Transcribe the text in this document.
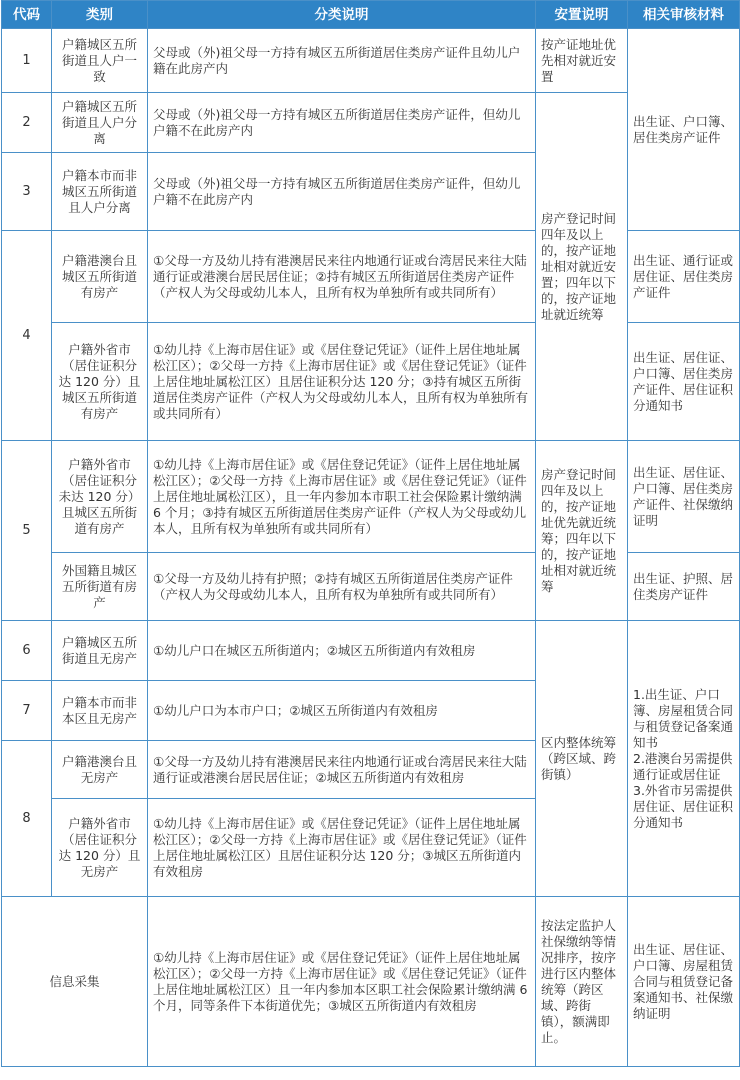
代码	类别	分类说明	安置说明	相关审核材料
1	户籍城区五所街道且人户一致	父母或（外)祖父母一方持有城区五所街道居住类房产证件且幼儿户籍在此房产内	按产证地址优先相对就近安置	出生证、户口簿、居住类房产证件
2	户籍城区五所街道且人户分离	父母或（外)祖父母一方持有城区五所街道居住类房产证件，但幼儿户籍不在此房产内	房产登记时间四年及以上的，按产证地址相对就近安置；四年以下的，按产证地址就近统筹	
3	户籍本市而非城区五所街道且人户分离	父母或（外)祖父母一方持有城区五所街道居住类房产证件，但幼儿户籍不在此房产内		
4	户籍港澳台且城区五所街道有房产	①父母一方及幼儿持有港澳居民来往内地通行证或台湾居民来往大陆通行证或港澳台居民居住证；②持有城区五所街道居住类房产证件（产权人为父母或幼儿本人，且所有权为单独所有或共同所有）		出生证、通行证或居住证、居住类房产证件
	户籍外省市（居住证积分达 120 分）且城区五所街道有房产	①幼儿持《上海市居住证》或《居住登记凭证》（证件上居住地址属松江区）；②父母一方持《上海市居住证》或《居住登记凭证》（证件上居住地址属松江区）且居住证积分达 120 分；③持有城区五所街道居住类房产证件（产权人为父母或幼儿本人，且所有权为单独所有或共同所有）		出生证、居住证、户口簿、居住类房产证件、居住证积分通知书
5	户籍外省市（居住证积分未达 120 分）且城区五所街道有房产	①幼儿持《上海市居住证》或《居住登记凭证》（证件上居住地址属松江区）；②父母一方持《上海市居住证》或《居住登记凭证》（证件上居住地址属松江区），且一年内参加本市职工社会保险累计缴纳满 6 个月；③持有城区五所街道居住类房产证件（产权人为父母或幼儿本人，且所有权为单独所有或共同所有）	房产登记时间四年及以上的，按产证地址优先就近统筹；四年以下的，按产证地址相对就近统筹	出生证、居住证、户口簿、居住类房产证件、社保缴纳证明
	外国籍且城区五所街道有房产	①父母一方及幼儿持有护照；②持有城区五所街道居住类房产证件（产权人为父母或幼儿本人，且所有权为单独所有或共同所有）		出生证、护照、居住类房产证件
6	户籍城区五所街道且无房产	①幼儿户口在城区五所街道内；②城区五所街道内有效租房	区内整体统筹（跨区域、跨街镇）	1.出生证、户口簿、房屋租赁合同与租赁登记备案通知书
2.港澳台另需提供通行证或居住证
3.外省市另需提供居住证、居住证积分通知书
7	户籍本市而非本区且无房产	①幼儿户口为本市户口；②城区五所街道内有效租房		
8	户籍港澳台且无房产	①父母一方及幼儿持有港澳居民来往内地通行证或台湾居民来往大陆通行证或港澳台居民居住证；②城区五所街道内有效租房		
	户籍外省市（居住证积分达 120 分）且无房产	①幼儿持《上海市居住证》或《居住登记凭证》（证件上居住地址属松江区）；②父母一方持《上海市居住证》或《居住登记凭证》（证件上居住地址属松江区）且居住证积分达 120 分；③城区五所街道内有效租房		
信息采集		①幼儿持《上海市居住证》或《居住登记凭证》（证件上居住地址属松江区）；②父母一方持《上海市居住证》或《居住登记凭证》（证件上居住地址属松江区）且一年内参加本区职工社会保险累计缴纳满 6 个月，同等条件下本街道优先；③城区五所街道内有效租房	按法定监护人社保缴纳等情况排序，按序进行区内整体统筹（跨区域、跨街镇），额满即止。	出生证、居住证、户口簿、房屋租赁合同与租赁登记备案通知书、社保缴纳证明
